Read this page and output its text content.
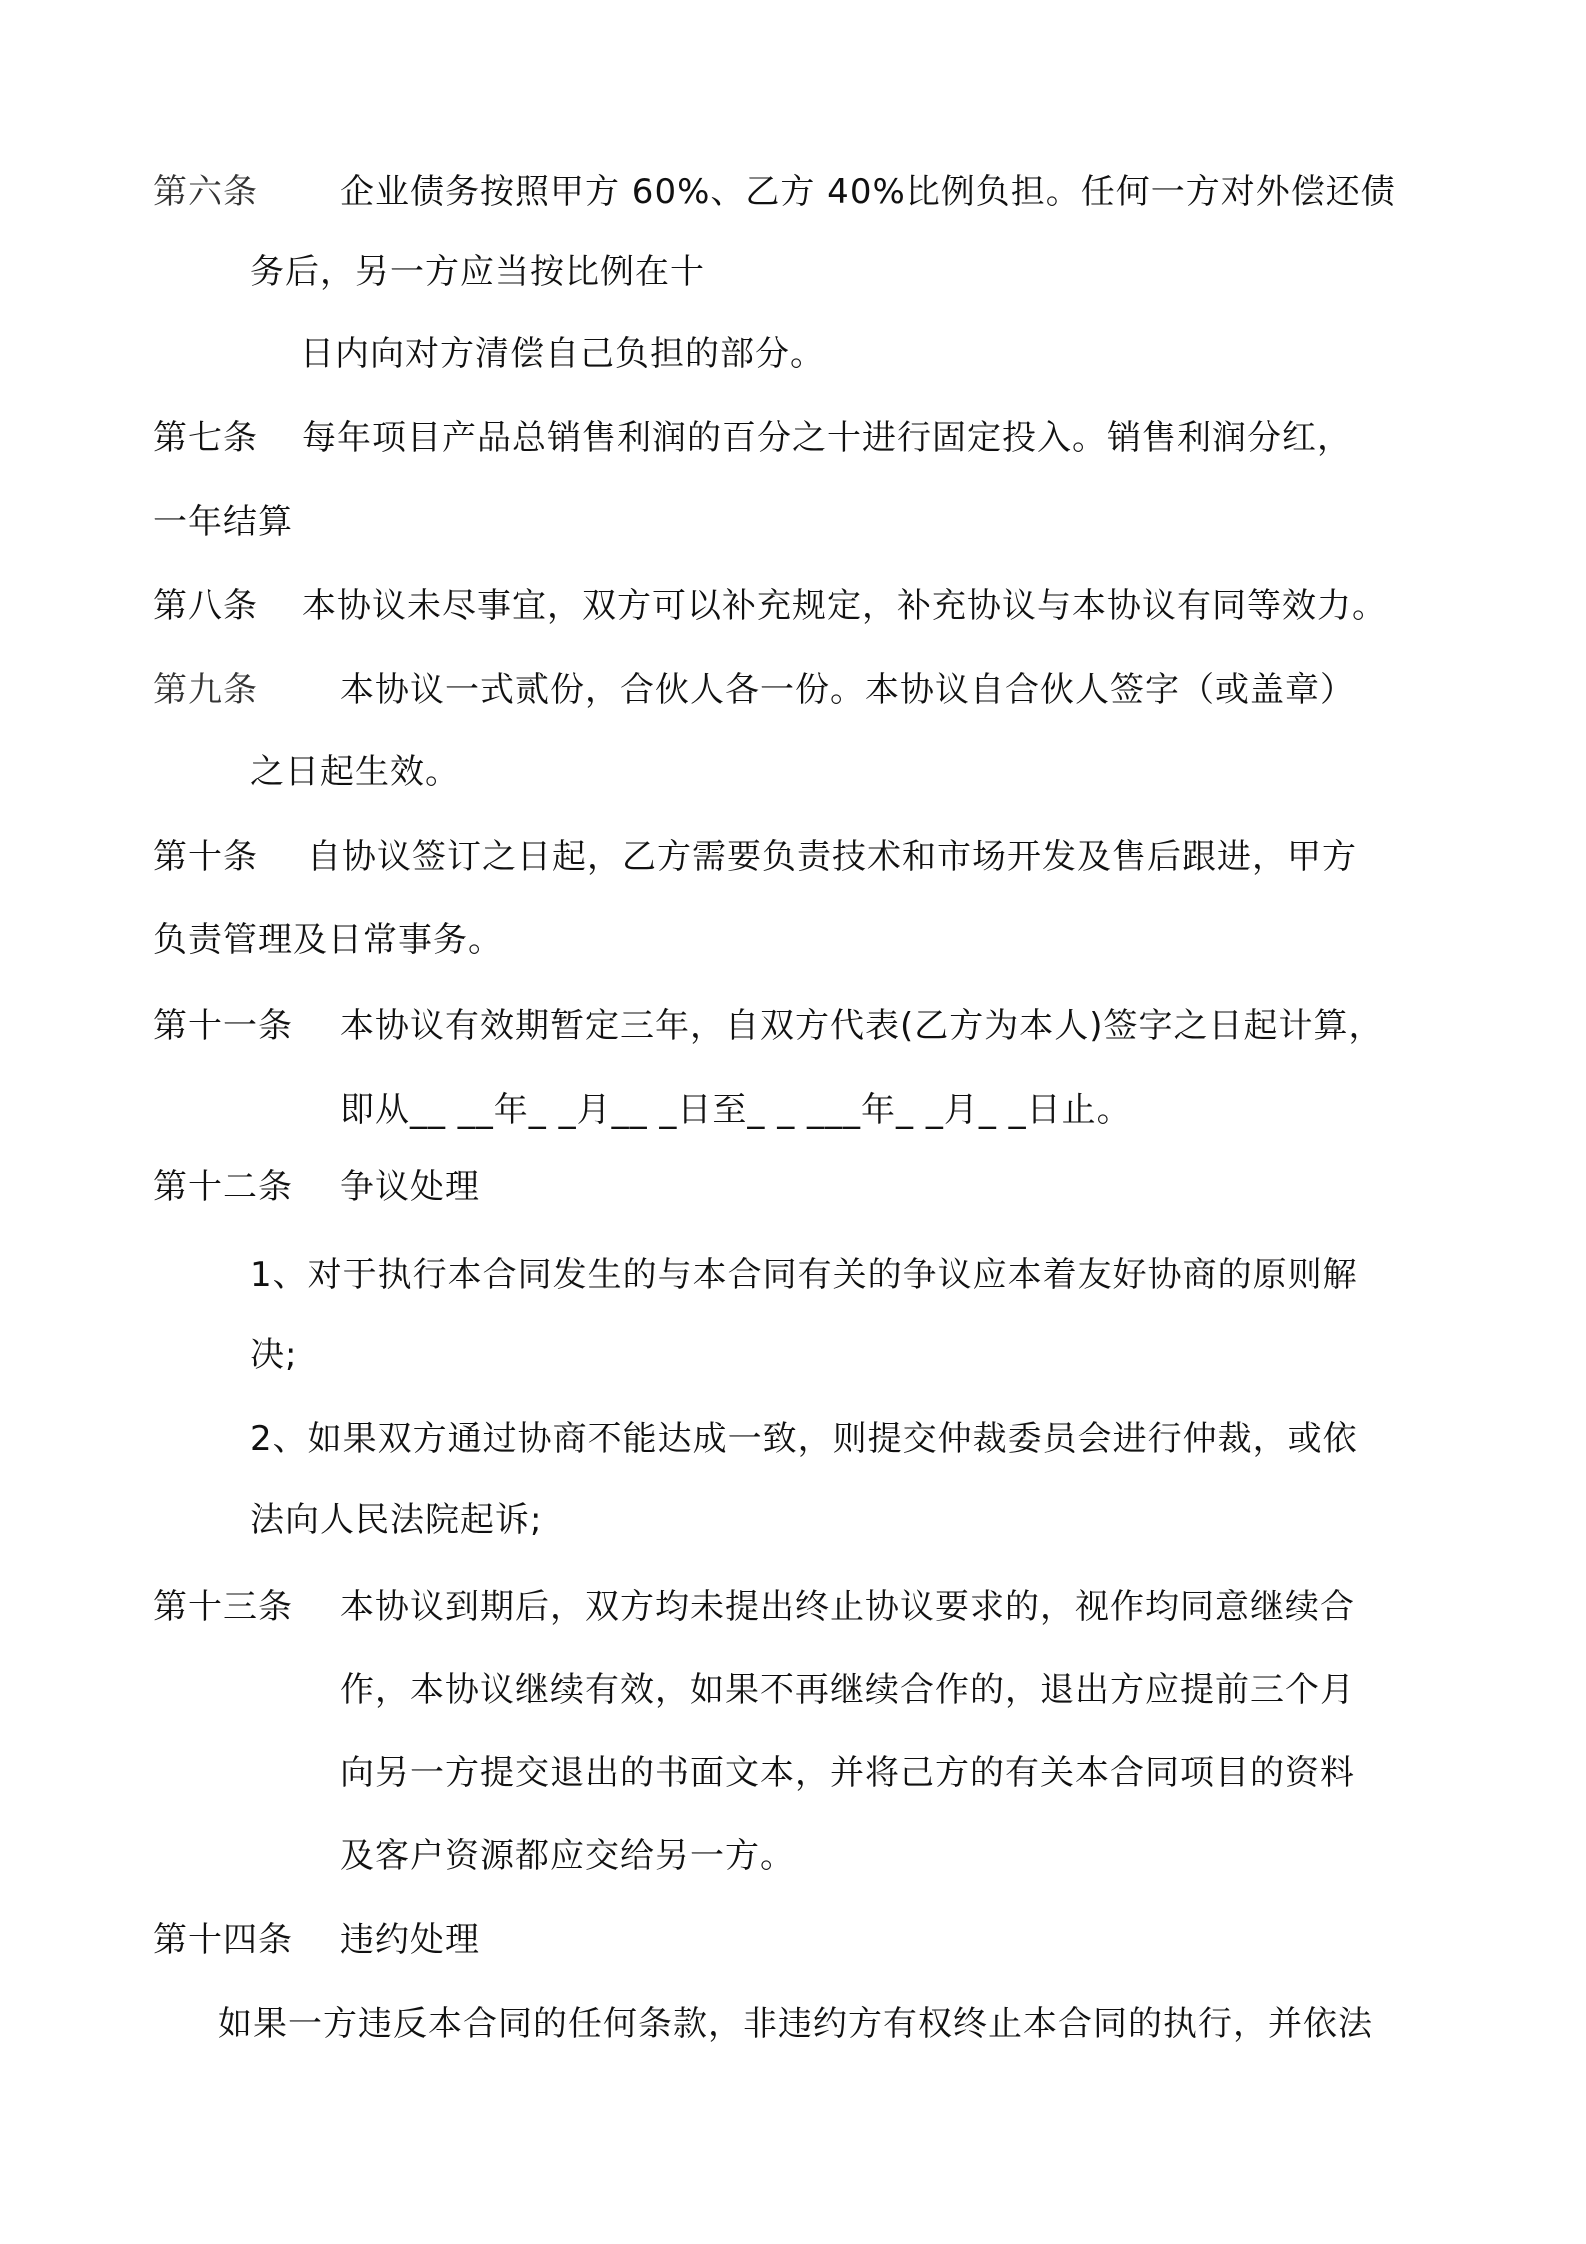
第六条 企业债务按照甲方 60%、乙方 40%比例负担。任何一方对外偿还债
务后，另一方应当按比例在十
日内向对方清偿自己负担的部分。
第七条 每年项目产品总销售利润的百分之十进行固定投入。销售利润分红，
一年结算
第八条 本协议未尽事宜，双方可以补充规定，补充协议与本协议有同等效力。
第九条 本协议一式贰份，合伙人各一份。本协议自合伙人签字（或盖章）
之日起生效。
第十条 自协议签订之日起，乙方需要负责技术和市场开发及售后跟进，甲方
负责管理及日常事务。
第十一条 本协议有效期暂定三年，自双方代表(乙方为本人)签字之日起计算，
即从__ __年_ _月__ _日至_ _ ___年_ _月_ _日止。
第十二条 争议处理
1、对于执行本合同发生的与本合同有关的争议应本着友好协商的原则解
决;
2、如果双方通过协商不能达成一致，则提交仲裁委员会进行仲裁，或依
法向人民法院起诉;
第十三条 本协议到期后，双方均未提出终止协议要求的，视作均同意继续合
作，本协议继续有效，如果不再继续合作的，退出方应提前三个月
向另一方提交退出的书面文本，并将己方的有关本合同项目的资料
及客户资源都应交给另一方。
第十四条 违约处理
如果一方违反本合同的任何条款，非违约方有权终止本合同的执行，并依法
